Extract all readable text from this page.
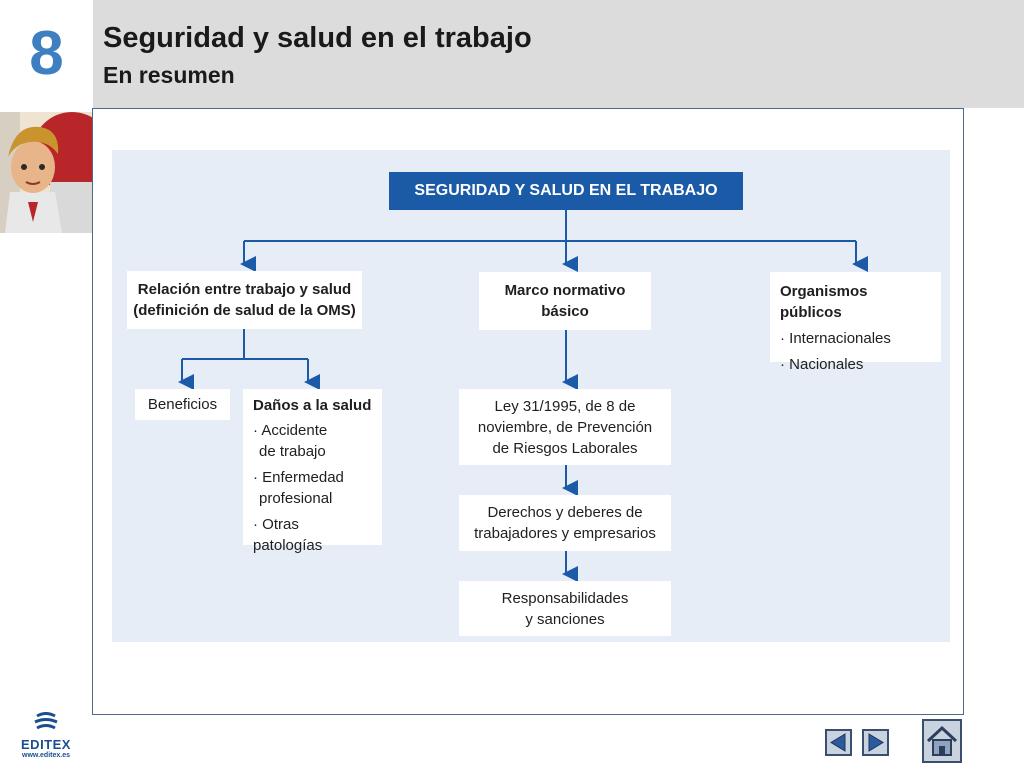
8	Seguridad y salud en el trabajo
En resumen
SEGURIDAD Y SALUD EN EL TRABAJO
Relación entre trabajo y salud
(definición de salud de la OMS)
Beneficios Daños a la salud
· Accidente
de trabajo
· Enfermedad
profesional
· Otras patologías
Marco normativo
básico
Ley 31/1995, de 8 de
noviembre, de Prevención
de Riesgos Laborales
Derechos y deberes de
trabajadores y empresarios
Responsabilidades
y sanciones
Organismos públicos
· Internacionales
· Nacionales
EDITEX
www.editex.es
